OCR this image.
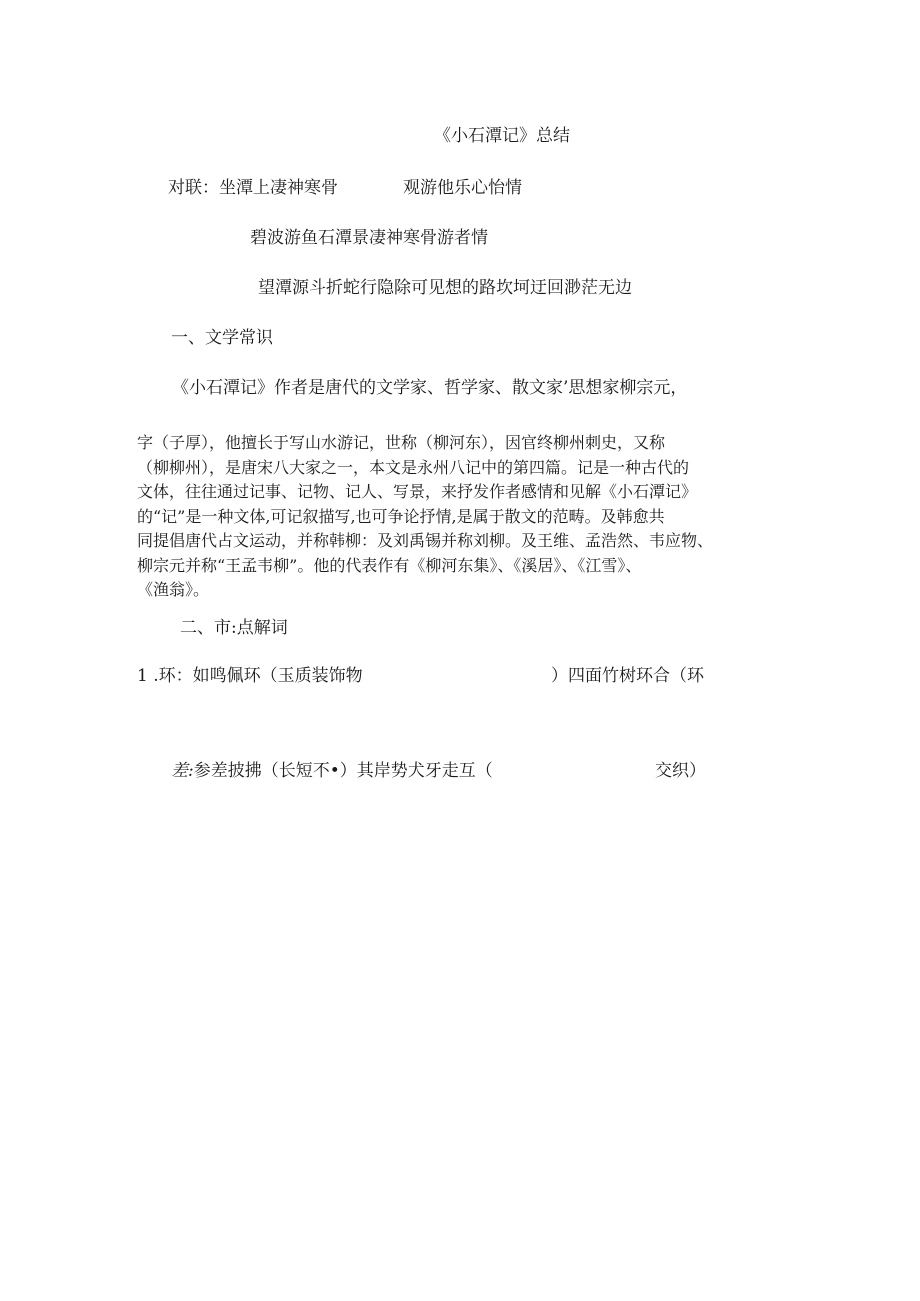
《小石潭记》总结
对联：坐潭上凄神寒骨	观游他乐心怡情
碧波游鱼石潭景凄神寒骨游者情
望潭源斗折蛇行隐除可见想的路坎坷迂回渺茫无边
一、文学常识
《小石潭记》作者是唐代的文学家、哲学家、散文家’思想家柳宗元，
字（子厚），他擅长于写山水游记，世称（柳河东），因官终柳州刺史，又称
（柳柳州），是唐宋八大家之一，本文是永州八记中的第四篇。记是一种古代的
文体，往往通过记事、记物、记人、写景，来抒发作者感情和见解《小石潭记》
的“记”是一种文体,可记叙描写,也可争论抒情,是属于散文的范畴。及韩愈共
同提倡唐代占文运动，并称韩柳：及刘禹锡并称刘柳。及王维、孟浩然、韦应物、
柳宗元并称“王孟韦柳”。他的代表作有《柳河东集》、《溪居》、《江雪》、
《渔翁》。
二、市:点解词
1 .环：如鸣佩环（玉质装饰物	）四面竹树环合（环
差:参差披拂（长短不•）其岸势犬牙走互（	交织）
